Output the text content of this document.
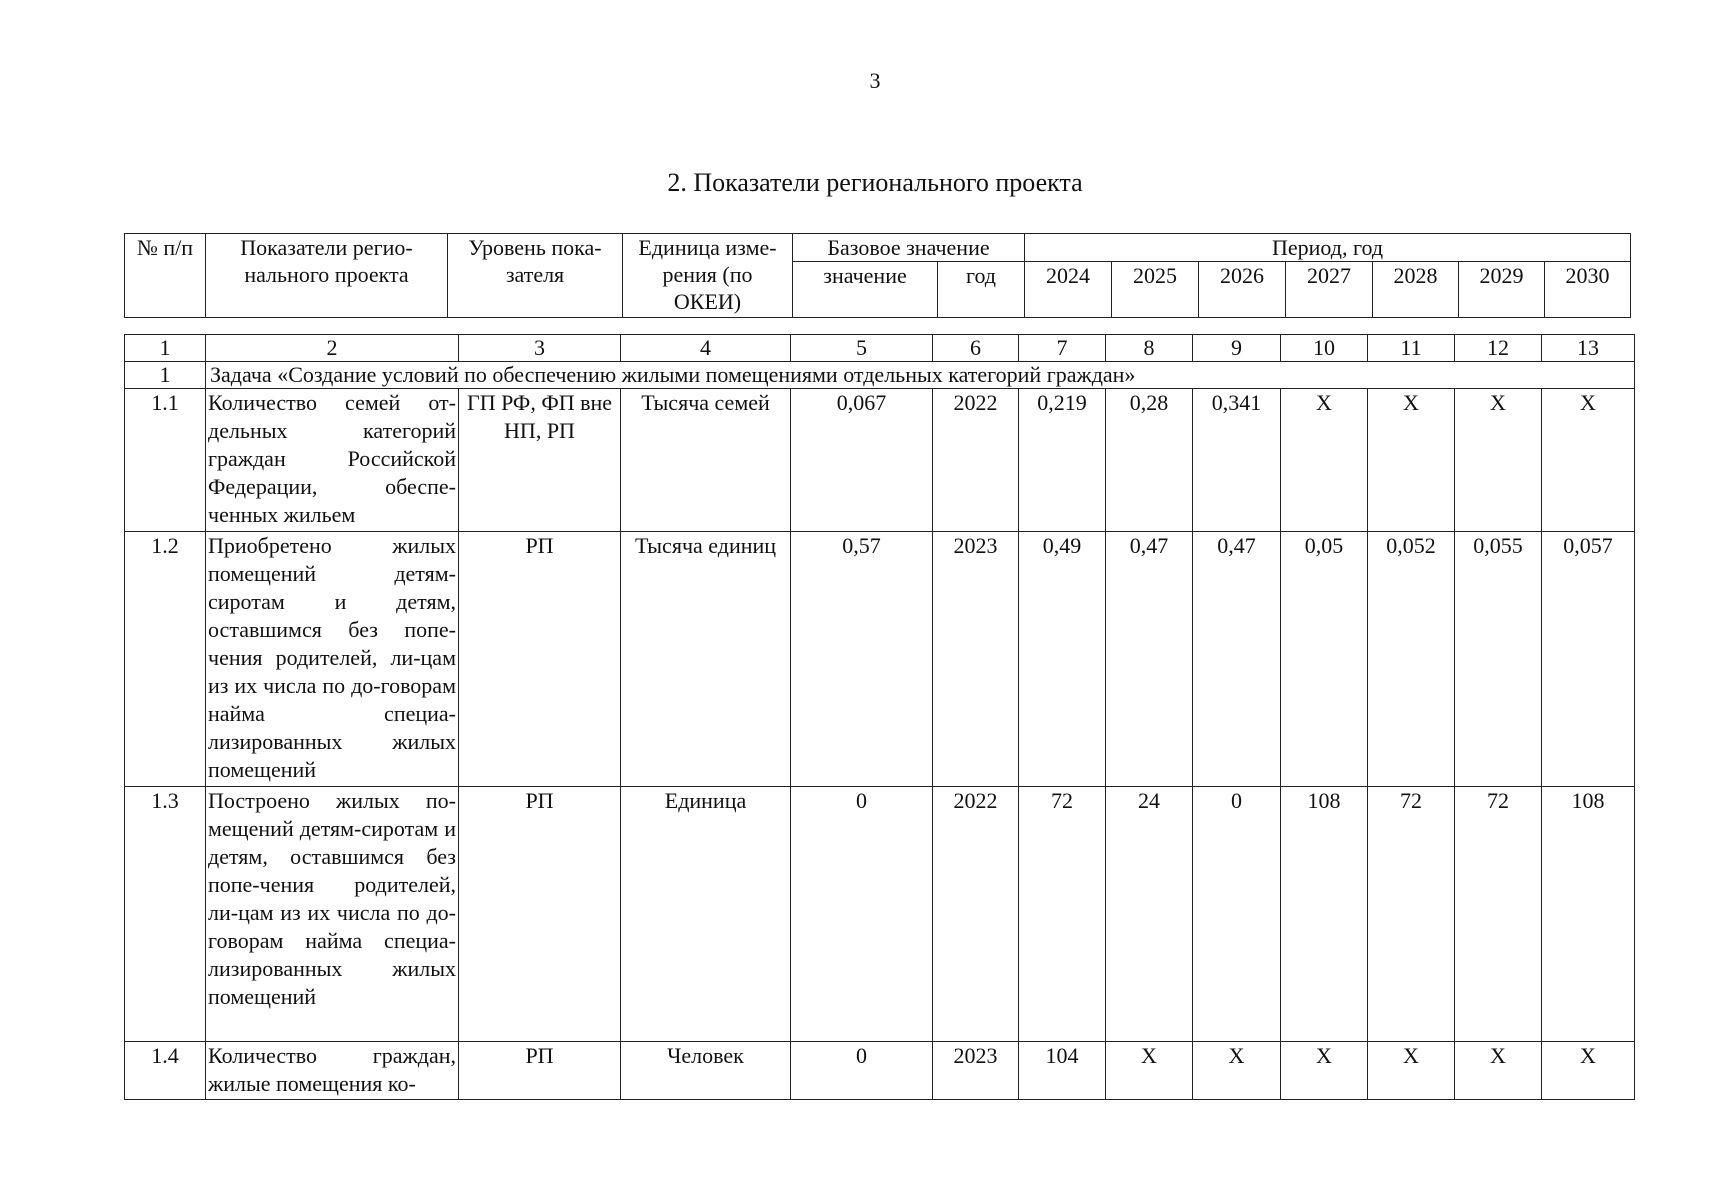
3
2. Показатели регионального проекта
№ п/п	Показатели регио-нального проекта	Уровень пока-зателя	Единица изме-рения (по ОКЕИ)	Базовое значение		Период, год						
				значение	год	2024	2025	2026	2027	2028	2029	2030
1	2	3	4	5	6	7	8	9	10	11	12	13
1	Задача «Создание условий по обеспечению жилыми помещениями отдельных категорий граждан»											
1.1	Количество семей от-дельных категорий граждан Российской Федерации, обеспе-ченных жильем	ГП РФ, ФП вне НП, РП	Тысяча семей	0,067	2022	0,219	0,28	0,341	X	X	X	X
1.2	Приобретено жилых помещений детям-сиротам и детям, оставшимся без попе-чения родителей, ли-цам из их числа по до-говорам найма специа-лизированных жилых помещений	РП	Тысяча единиц	0,57	2023	0,49	0,47	0,47	0,05	0,052	0,055	0,057
1.3	Построено жилых по-мещений детям-сиротам и детям, оставшимся без попе-чения родителей, ли-цам из их числа по до-говорам найма специа-лизированных жилых помещений	РП	Единица	0	2022	72	24	0	108	72	72	108
1.4	Количество граждан, жилые помещения ко-	РП	Человек	0	2023	104	X	X	X	X	X	X
